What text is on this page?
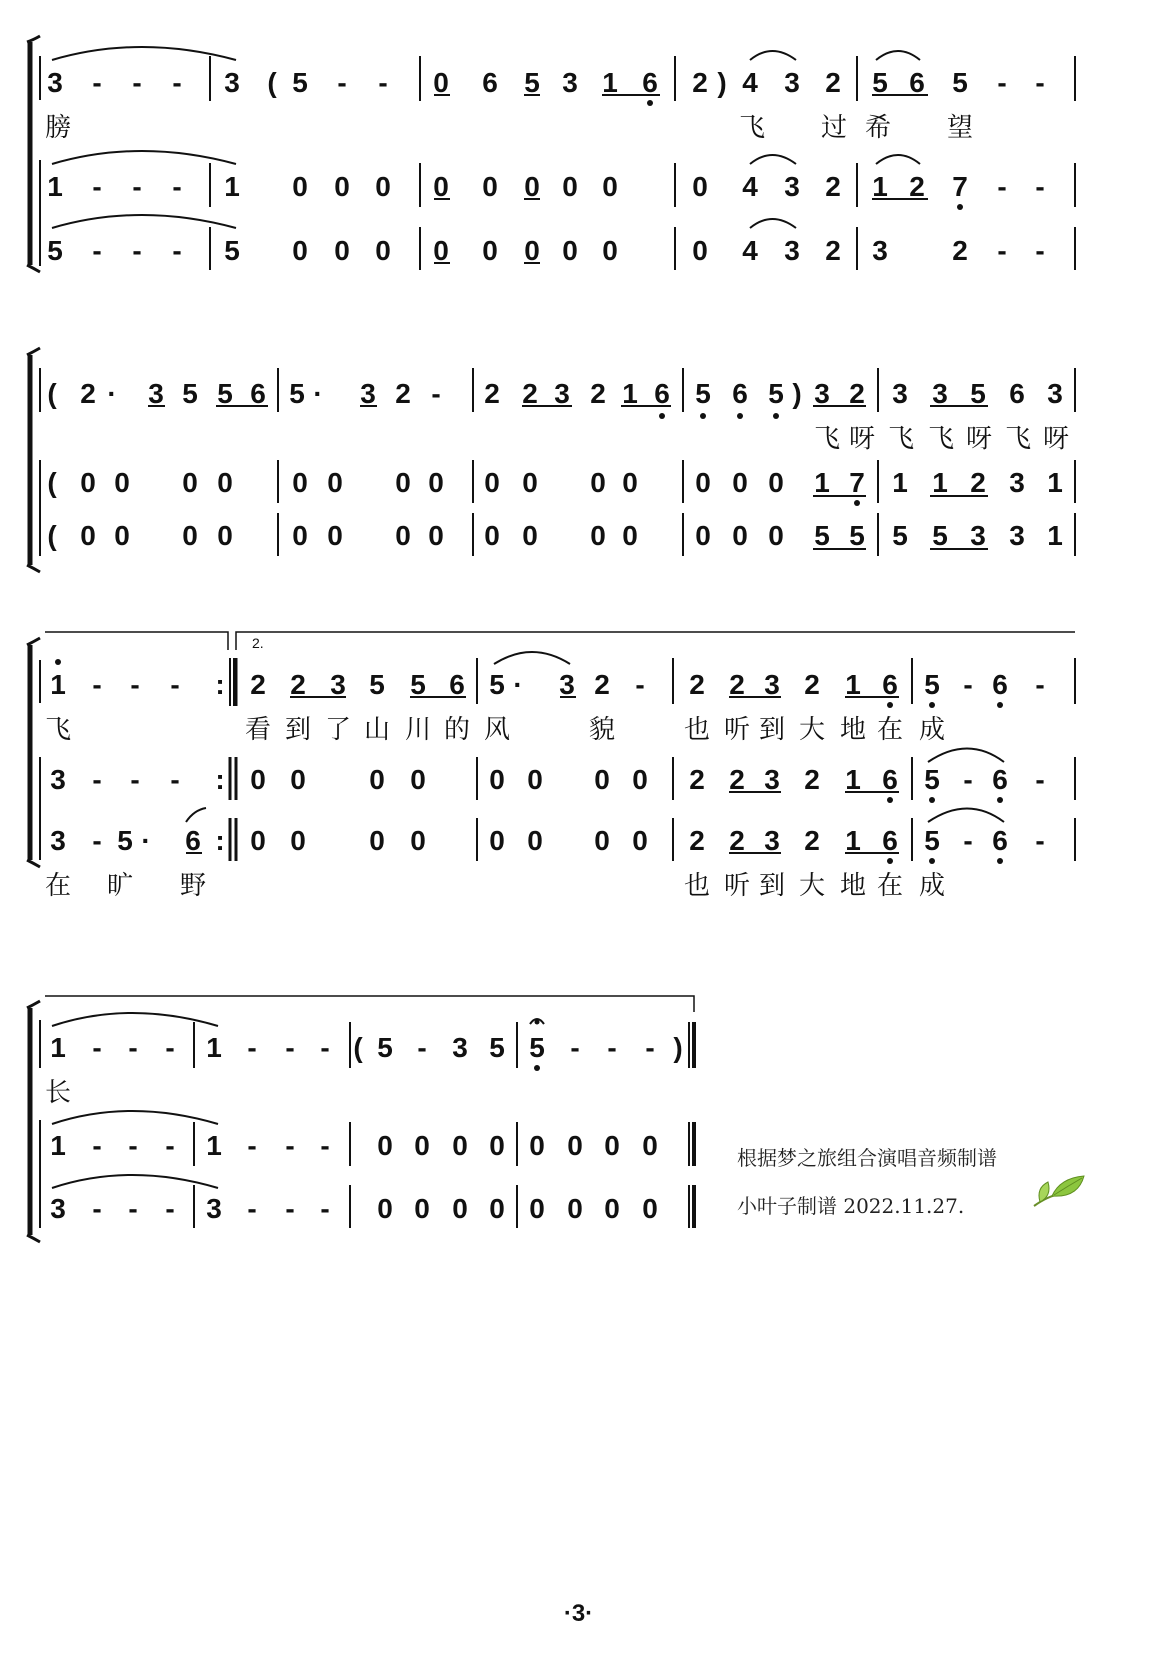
2.
3 - - - 3 ( 5 - - 0 6 5 3 1 6 2 ) 4 3 2 5 6 5 - -
膀	飞 过 希 望
1 - - - 1 0 0 0 0 0 0 0 0	0 4 3 2 1 2 7 - -
5 - - - 5 0 0 0 0 0 0 0 0	0 4 3 2 3 2 - -
( 2 · 3 5 5 6 5 · 3 2 - 2 2 3 2 1 6 5 6 5 ) 3 2 3 3 5 6 3
飞 呀 飞 飞 呀 飞 呀
( 0 0 0 0 0 0 0 0 0 0 0 0 0 0 0 1 7 1 1 2 3 1
( 0 0 0 0 0 0 0 0 0 0 0 0 0 0 0 5 5 5 5 3 3 1
1 - - - : 2 2 3 5 5 6 5 · 3 2 - 2 2 3 2 1 6 5 - 6 -
飞	看 到 了 山 川 的 风	貌	也 听 到 大 地 在 成
3 - - - : 0 0 0 0 0 0 0 0 2 2 3 2 1 6 5 - 6 -
3 - 5 · 6 : 0 0 0 0 0 0 0 0 2 2 3 2 1 6 5 - 6 -
在 旷 野	也 听 到 大 地 在 成
1 - - - 1 - - - ( 5 - 3 5 5 - - - )
长
1 - - - 1 - - - 0 0 0 0 0 0 0 0
3 - - - 3 - - - 0 0 0 0 0 0 0 0
根据梦之旅组合演唱音频制谱
小叶子制谱 2022.11.27.
·3·
